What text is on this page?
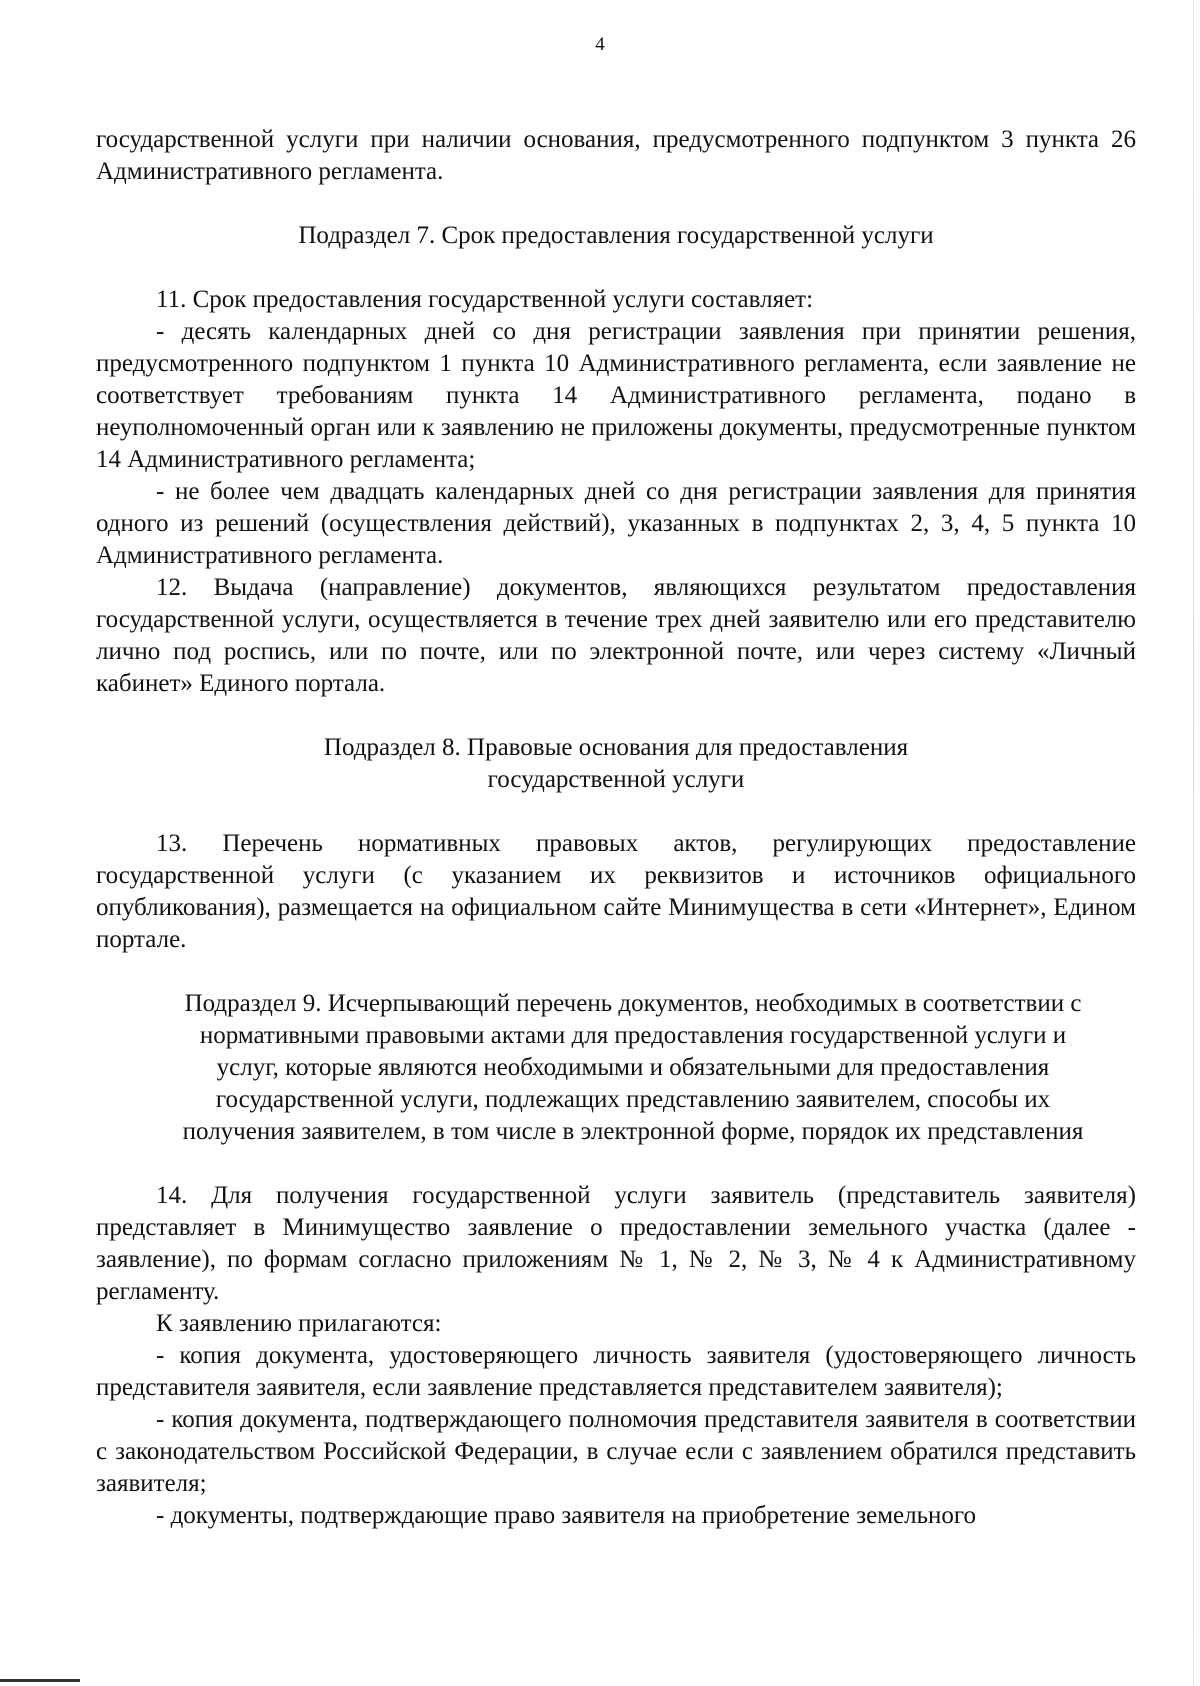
4

государственной услуги при наличии основания, предусмотренного подпунктом 3 пункта 26 Административного регламента.

Подраздел 7. Срок предоставления государственной услуги

11. Срок предоставления государственной услуги составляет:

- десять календарных дней со дня регистрации заявления при принятии решения, предусмотренного подпунктом 1 пункта 10 Административного регламента, если заявление не соответствует требованиям пункта 14 Административного регламента, подано в неуполномоченный орган или к заявлению не приложены документы, предусмотренные пунктом 14 Административного регламента;

- не более чем двадцать календарных дней со дня регистрации заявления для принятия одного из решений (осуществления действий), указанных в подпунктах 2, 3, 4, 5 пункта 10 Административного регламента.

12. Выдача (направление) документов, являющихся результатом предоставления государственной услуги, осуществляется в течение трех дней заявителю или его представителю лично под роспись, или по почте, или по электронной почте, или через систему «Личный кабинет» Единого портала.

Подраздел 8. Правовые основания для предоставления

государственной услуги

13. Перечень нормативных правовых актов, регулирующих предоставление государственной услуги (с указанием их реквизитов и источников официального опубликования), размещается на официальном сайте Минимущества в сети «Интернет», Едином портале.

Подраздел 9. Исчерпывающий перечень документов, необходимых в соответствии с

нормативными правовыми актами для предоставления государственной услуги и

услуг, которые являются необходимыми и обязательными для предоставления

государственной услуги, подлежащих представлению заявителем, способы их

получения заявителем, в том числе в электронной форме, порядок их представления

14. Для получения государственной услуги заявитель (представитель заявителя) представляет в Минимущество заявление о предоставлении земельного участка (далее - заявление), по формам согласно приложениям № 1, № 2, № 3, № 4 к Административному регламенту.

К заявлению прилагаются:

- копия документа, удостоверяющего личность заявителя (удостоверяющего личность представителя заявителя, если заявление представляется представителем заявителя);

- копия документа, подтверждающего полномочия представителя заявителя в соответствии с законодательством Российской Федерации, в случае если с заявлением обратился представить заявителя;

- документы, подтверждающие право заявителя на приобретение земельного
